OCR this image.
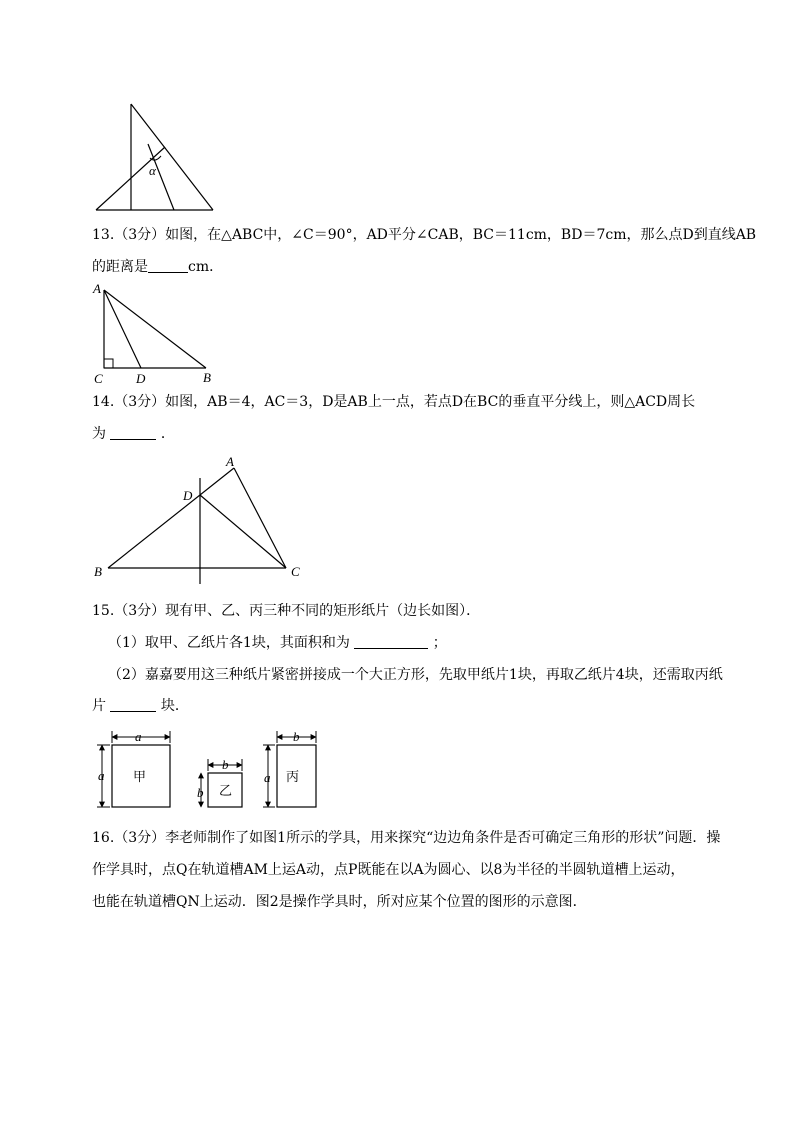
α
13.（3分）如图，在△ABC中，∠C＝90°，AD平分∠CAB，BC＝11cm，BD＝7cm，那么点D到直线AB
的距离是	cm．
A
C	D	B
14.（3分）如图，AB＝4，AC＝3，D是AB上一点，若点D在BC的垂直平分线上，则△ACD周长
为	．
A
D
B	C
15.（3分）现有甲、乙、丙三种不同的矩形纸片（边长如图）．
（1）取甲、乙纸片各1块，其面积和为	；
（2）嘉嘉要用这三种纸片紧密拼接成一个大正方形，先取甲纸片1块，再取乙纸片4块，还需取丙纸
片	块．
a
a 甲
b
b 乙
b
a 丙
16.（3分）李老师制作了如图1所示的学具，用来探究“边边角条件是否可确定三角形的形状”问题．操
作学具时，点Q在轨道槽AM上运A动，点P既能在以A为圆心、以8为半径的半圆轨道槽上运动，
也能在轨道槽QN上运动．图2是操作学具时，所对应某个位置的图形的示意图．
